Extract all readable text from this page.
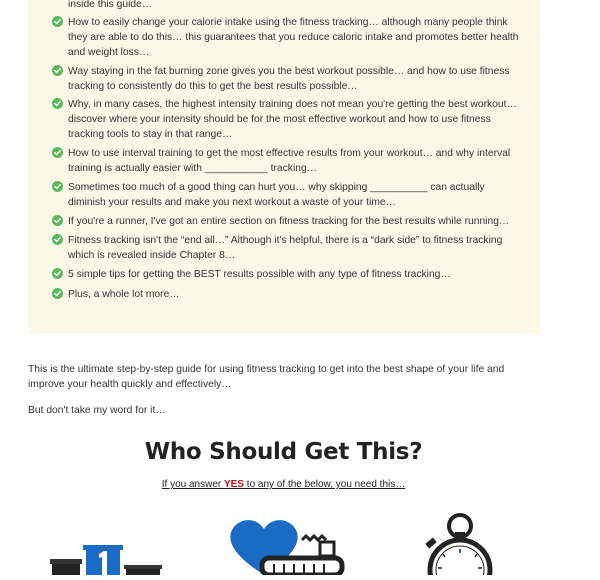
inside this guide…
How to easily change your calorie intake using the fitness tracking… although many people think they are able to do this… this guarantees that you reduce caloric intake and promotes better health and weight loss…
Way staying in the fat burning zone gives you the best workout possible… and how to use fitness tracking to consistently do this to get the best results possible…
Why, in many cases, the highest intensity training does not mean you're getting the best workout… discover where your intensity should be for the most effective workout and how to use fitness tracking tools to stay in that range…
How to use interval training to get the most effective results from your workout… and why interval training is actually easier with ___________ tracking…
Sometimes too much of a good thing can hurt you… why skipping __________ can actually diminish your results and make you next workout a waste of your time…
If you're a runner, I've got an entire section on fitness tracking for the best results while running…
Fitness tracking isn't the “end all…” Although it's helpful, there is a “dark side” to fitness tracking which is revealed inside Chapter 8…
5 simple tips for getting the BEST results possible with any type of fitness tracking…
Plus, a whole lot more…

This is the ultimate step-by-step guide for using fitness tracking to get into the best shape of your life and improve your health quickly and effectively…

But don't take my word for it…

Who Should Get This?

If you answer YES to any of the below, you need this…
